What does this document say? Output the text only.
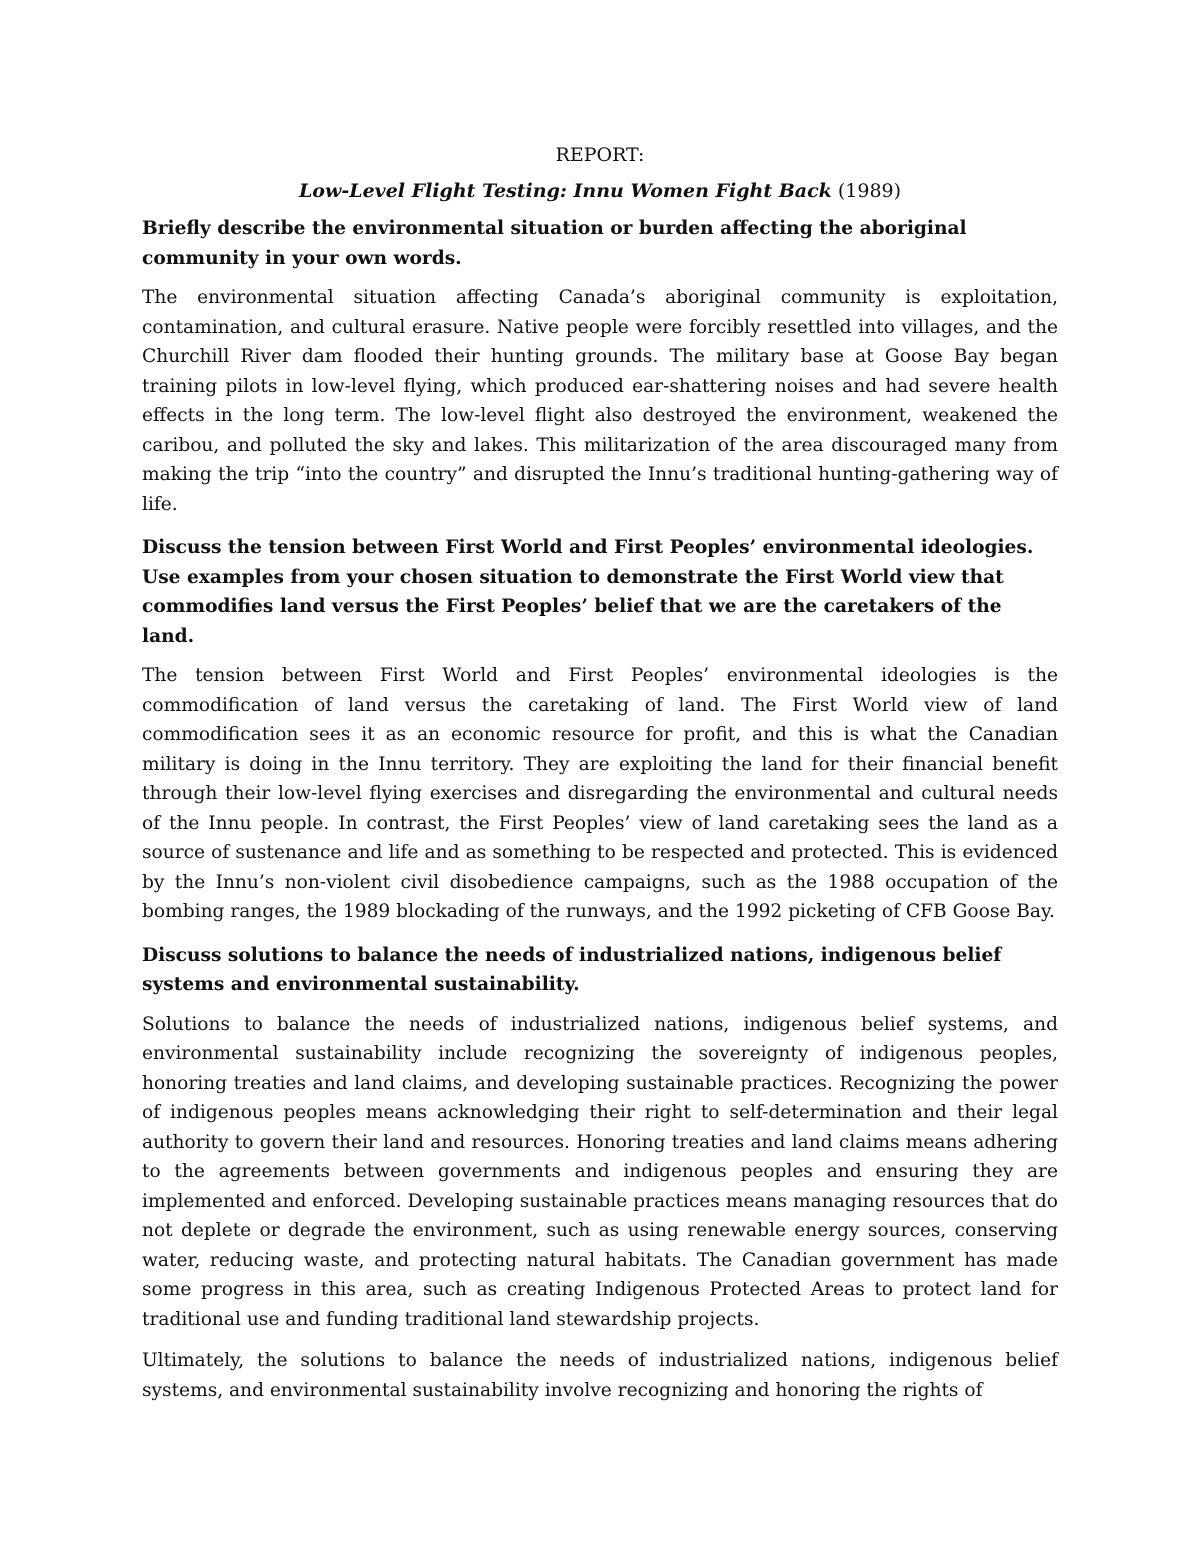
REPORT:

Low-Level Flight Testing: Innu Women Fight Back (1989)

Briefly describe the environmental situation or burden affecting the aboriginal community in your own words.

The environmental situation affecting Canada’s aboriginal community is exploitation, contamination, and cultural erasure. Native people were forcibly resettled into villages, and the Churchill River dam flooded their hunting grounds. The military base at Goose Bay began training pilots in low-level flying, which produced ear-shattering noises and had severe health effects in the long term. The low-level flight also destroyed the environment, weakened the caribou, and polluted the sky and lakes. This militarization of the area discouraged many from making the trip “into the country” and disrupted the Innu’s traditional hunting-gathering way of life.

Discuss the tension between First World and First Peoples’ environmental ideologies. Use examples from your chosen situation to demonstrate the First World view that commodifies land versus the First Peoples’ belief that we are the caretakers of the land.

The tension between First World and First Peoples’ environmental ideologies is the commodification of land versus the caretaking of land. The First World view of land commodification sees it as an economic resource for profit, and this is what the Canadian military is doing in the Innu territory. They are exploiting the land for their financial benefit through their low-level flying exercises and disregarding the environmental and cultural needs of the Innu people. In contrast, the First Peoples’ view of land caretaking sees the land as a source of sustenance and life and as something to be respected and protected. This is evidenced by the Innu’s non-violent civil disobedience campaigns, such as the 1988 occupation of the bombing ranges, the 1989 blockading of the runways, and the 1992 picketing of CFB Goose Bay.

Discuss solutions to balance the needs of industrialized nations, indigenous belief systems and environmental sustainability.

Solutions to balance the needs of industrialized nations, indigenous belief systems, and environmental sustainability include recognizing the sovereignty of indigenous peoples, honoring treaties and land claims, and developing sustainable practices. Recognizing the power of indigenous peoples means acknowledging their right to self-determination and their legal authority to govern their land and resources. Honoring treaties and land claims means adhering to the agreements between governments and indigenous peoples and ensuring they are implemented and enforced. Developing sustainable practices means managing resources that do not deplete or degrade the environment, such as using renewable energy sources, conserving water, reducing waste, and protecting natural habitats. The Canadian government has made some progress in this area, such as creating Indigenous Protected Areas to protect land for traditional use and funding traditional land stewardship projects.

Ultimately, the solutions to balance the needs of industrialized nations, indigenous belief systems, and environmental sustainability involve recognizing and honoring the rights of
